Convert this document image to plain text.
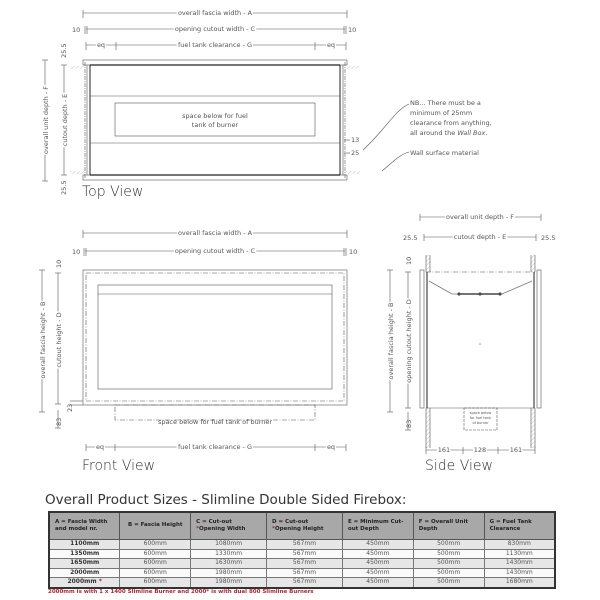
overall fascia width - A
opening cutout width - C
fuel tank clearance - G
eq	eq
10	10
25.5
25.5
overall unit depth - F cutout depth - E	space below for fuel
tank of burner
13
25
NB... There must be a
minimum of 25mm
clearance from anything,
all around the Wall Box.
Wall surface material
overall fascia width - A
opening cutout width - C
10	10
10
overall fascia height - B cutout height - D
23
83	space below for fuel tank of burner
fuel tank clearance - G
eq	eq
overall unit depth - F
cutout depth - E
25.5	25.5
10
overall fascia height - B opening cutout height - D
83
space below
for fuel tank
of burner
161	128	161
Top View
Front View	Side View
Overall Product Sizes - Slimline Double Sided Firebox:
A = Fascia Width and model nr.	B = Fascia Height	C = Cut-out
*Opening Width	D = Cut-out
*Opening Height	E = Minimum Cut-out Depth	F = Overall Unit Depth	G = Fuel Tank Clearance
1100mm	600mm	1080mm	567mm	450mm	500mm	830mm
1350mm	600mm	1330mm	567mm	450mm	500mm	1130mm
1650mm	600mm	1630mm	567mm	450mm	500mm	1430mm
2000mm	600mm	1980mm	567mm	450mm	500mm	1430mm
2000mm *	600mm	1980mm	567mm	450mm	500mm	1680mm
2000mm is with 1 x 1400 Slimline Burner and 2000* is with dual 800 Slimline Burners
